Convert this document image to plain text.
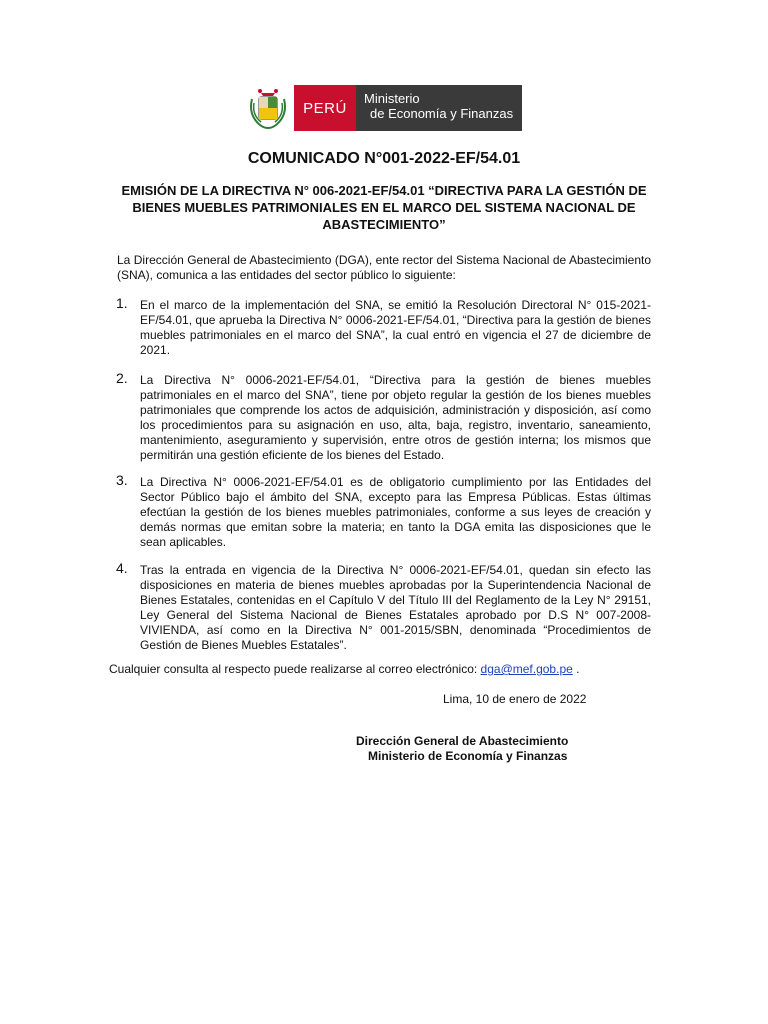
PERÚ
Ministerio
de Economía y Finanzas
COMUNICADO N°001-2022-EF/54.01
EMISIÓN DE LA DIRECTIVA N° 006-2021-EF/54.01 “DIRECTIVA PARA LA GESTIÓN DE BIENES MUEBLES PATRIMONIALES EN EL MARCO DEL SISTEMA NACIONAL DE ABASTECIMIENTO”
La Dirección General de Abastecimiento (DGA), ente rector del Sistema Nacional de Abastecimiento (SNA), comunica a las entidades del sector público lo siguiente:
1. En el marco de la implementación del SNA, se emitió la Resolución Directoral N° 015-2021-EF/54.01, que aprueba la Directiva N° 0006-2021-EF/54.01, “Directiva para la gestión de bienes muebles patrimoniales en el marco del SNA”, la cual entró en vigencia el 27 de diciembre de 2021.
2. La Directiva N° 0006-2021-EF/54.01, “Directiva para la gestión de bienes muebles patrimoniales en el marco del SNA”, tiene por objeto regular la gestión de los bienes muebles patrimoniales que comprende los actos de adquisición, administración y disposición, así como los procedimientos para su asignación en uso, alta, baja, registro, inventario, saneamiento, mantenimiento, aseguramiento y supervisión, entre otros de gestión interna; los mismos que permitirán una gestión eficiente de los bienes del Estado.
3. La Directiva N° 0006-2021-EF/54.01 es de obligatorio cumplimiento por las Entidades del Sector Público bajo el ámbito del SNA, excepto para las Empresa Públicas. Estas últimas efectúan la gestión de los bienes muebles patrimoniales, conforme a sus leyes de creación y demás normas que emitan sobre la materia; en tanto la DGA emita las disposiciones que le sean aplicables.
4. Tras la entrada en vigencia de la Directiva N° 0006-2021-EF/54.01, quedan sin efecto las disposiciones en materia de bienes muebles aprobadas por la Superintendencia Nacional de Bienes Estatales, contenidas en el Capítulo V del Título III del Reglamento de la Ley N° 29151, Ley General del Sistema Nacional de Bienes Estatales aprobado por D.S N° 007-2008-VIVIENDA, así como en la Directiva N° 001-2015/SBN, denominada “Procedimientos de Gestión de Bienes Muebles Estatales”.
Cualquier consulta al respecto puede realizarse al correo electrónico: dga@mef.gob.pe .
Lima, 10 de enero de 2022
Dirección General de Abastecimiento
Ministerio de Economía y Finanzas
